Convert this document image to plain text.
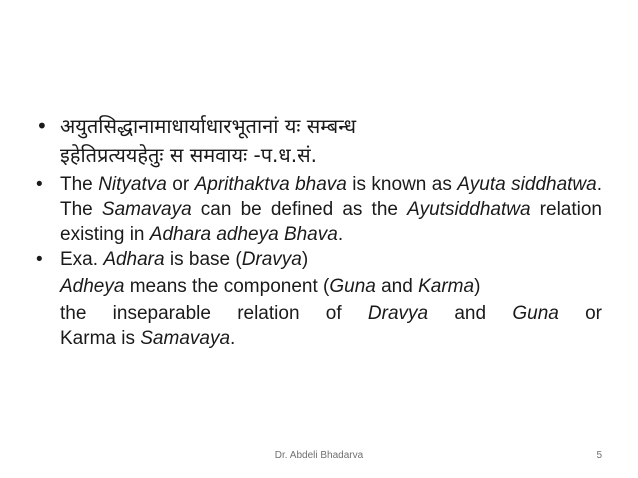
• अयुतसिद्धानामाधार्याधारभूतानां यः सम्बन्ध
इहेतिप्रत्ययहेतुः स समवायः -प.ध.सं.
• The Nityatva or Aprithaktva bhava is known as Ayuta siddhatwa. The Samavaya can be defined as the Ayutsiddhatwa relation existing in Adhara adheya Bhava.
• Exa. Adhara is base (Dravya)
Adheya means the component (Guna and Karma)
the inseparable relation of Dravya and Guna or
Karma is Samavaya.
Dr. Abdeli Bhadarva	5
